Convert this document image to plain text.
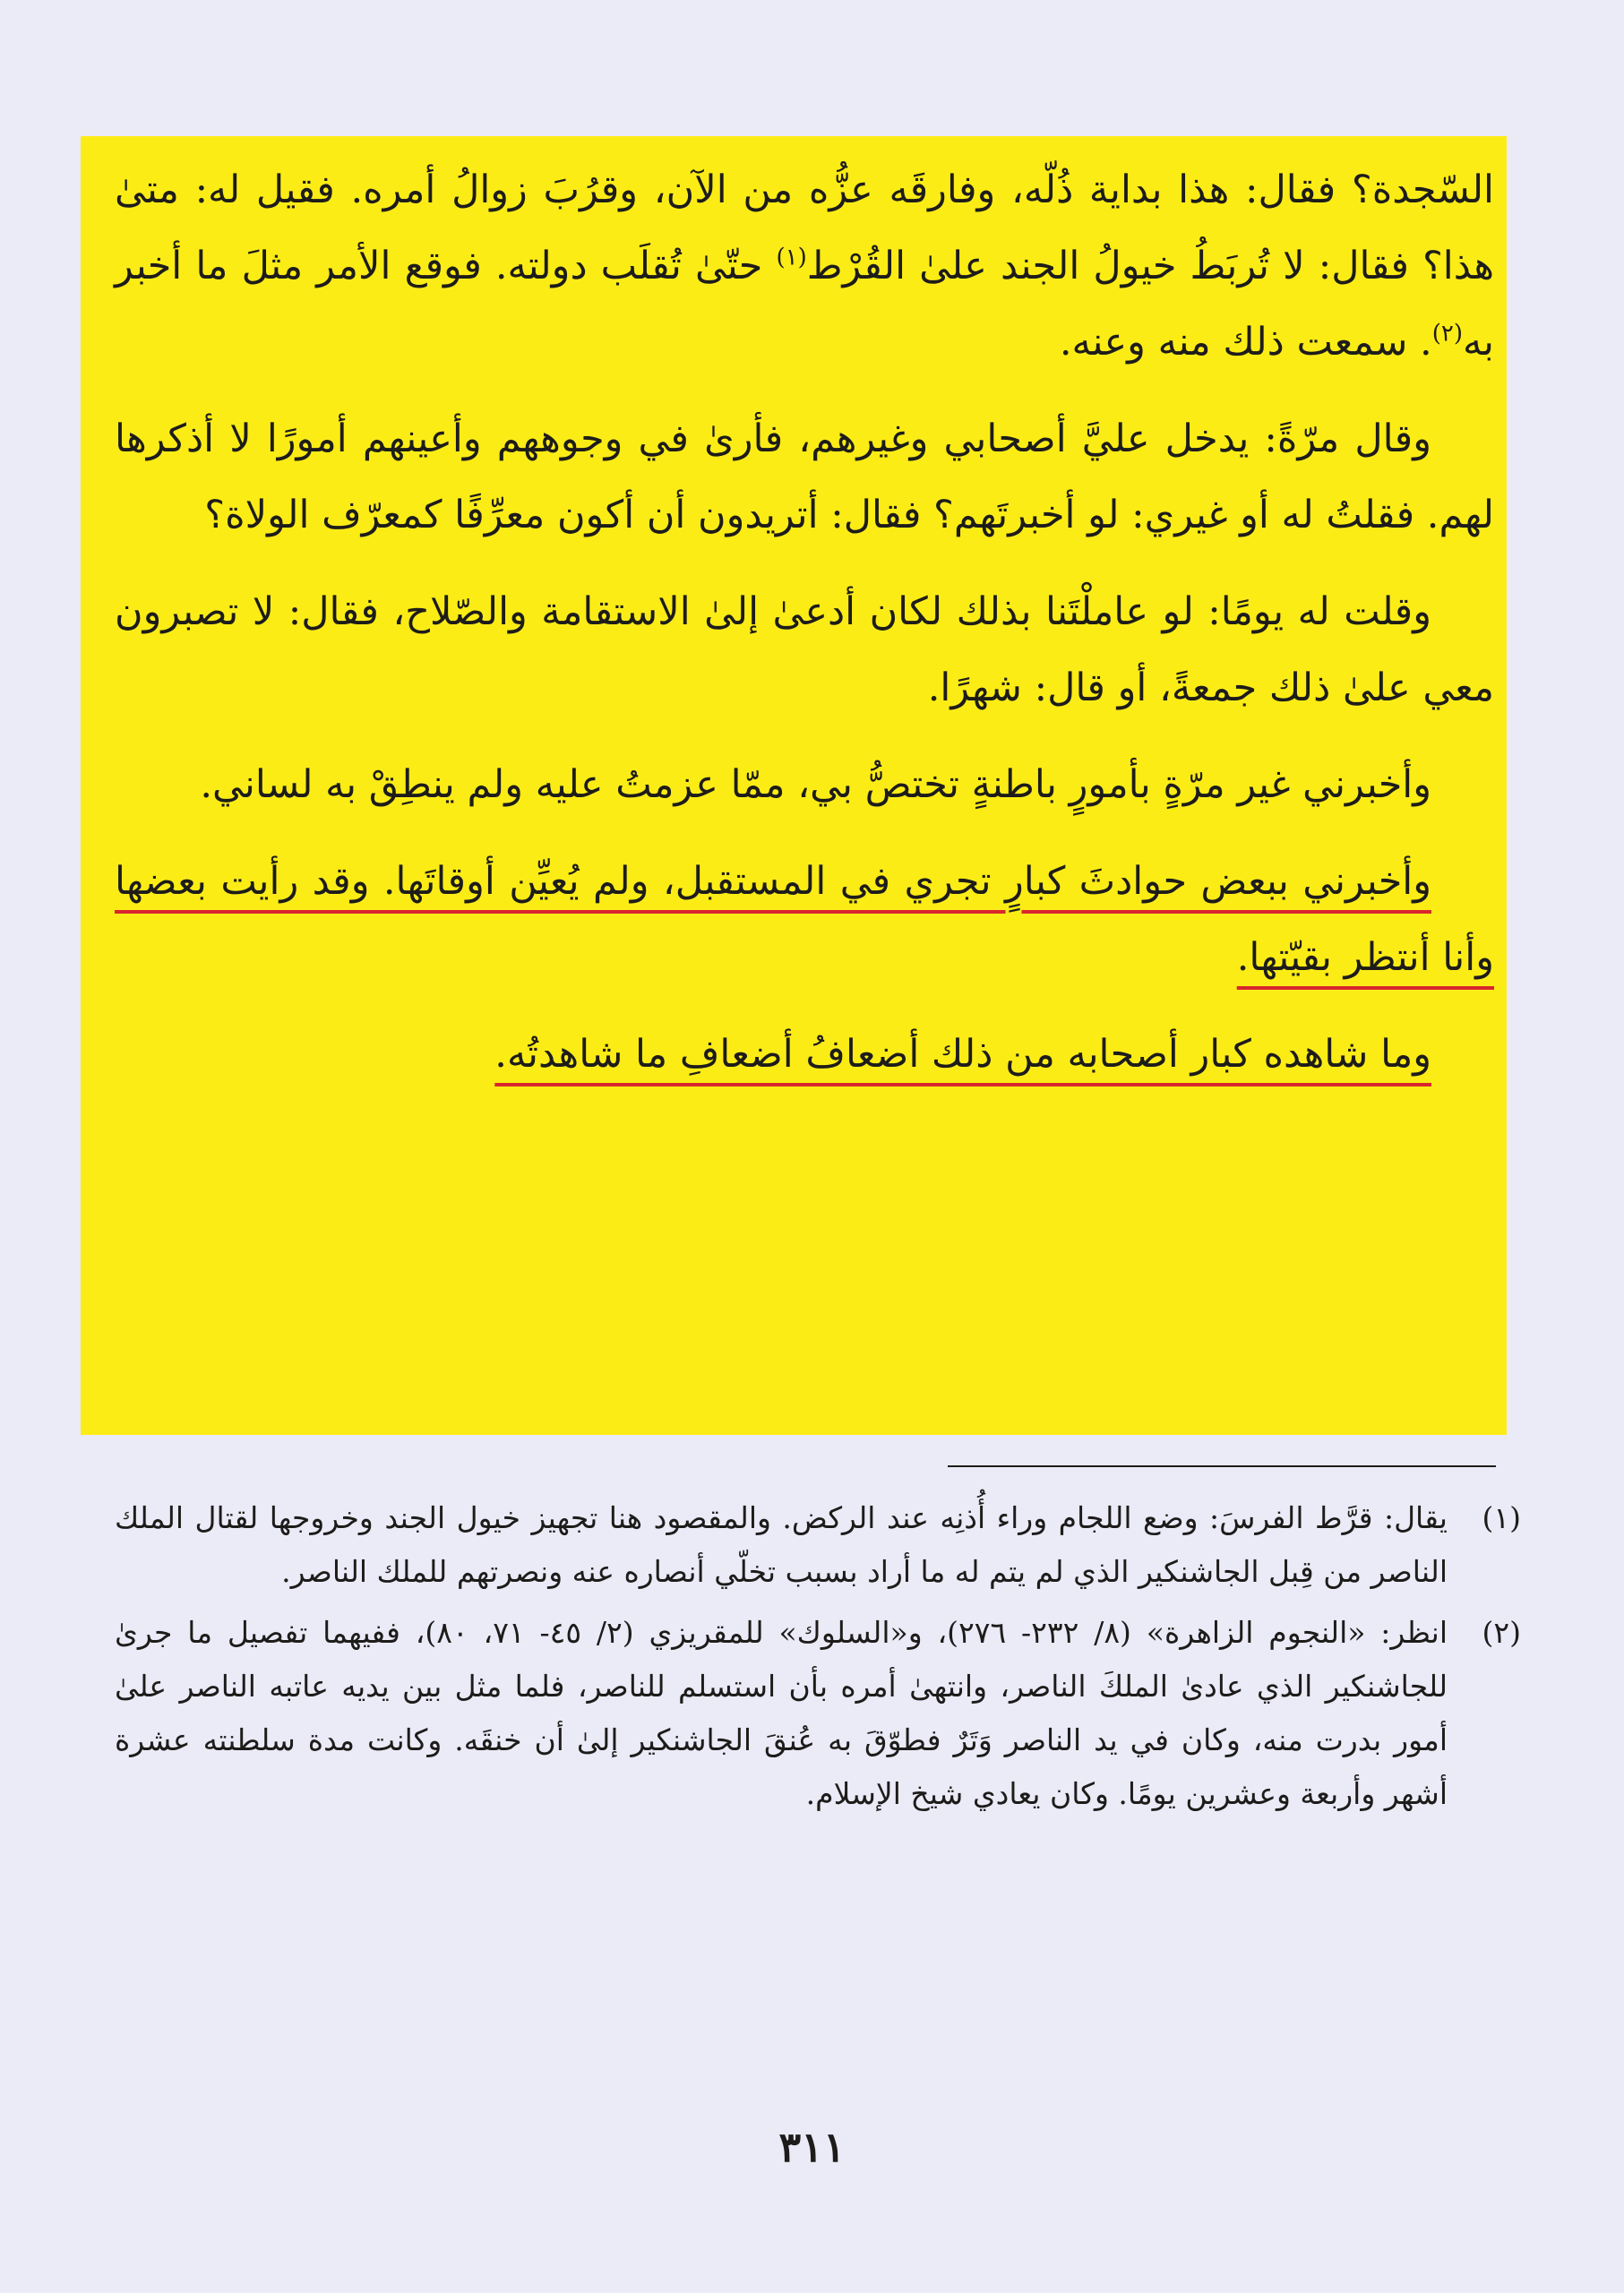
السّجدة؟ فقال: هذا بداية ذُلّه، وفارقَه عزُّه من الآن، وقرُبَ زوالُ أمره. فقيل له: متىٰ هذا؟ فقال: لا تُربَطُ خيولُ الجند علىٰ القُرْط$^{(١)}$ حتّىٰ تُقلَب دولته. فوقع الأمر مثلَ ما أخبر به$^{(٢)}$. سمعت ذلك منه وعنه.

وقال مرّةً: يدخل عليَّ أصحابي وغيرهم، فأرىٰ في وجوههم وأعينهم أمورًا لا أذكرها لهم. فقلتُ له أو غيري: لو أخبرتَهم؟ فقال: أتريدون أن أكون معرِّفًا كمعرّف الولاة؟

وقلت له يومًا: لو عاملْتَنا بذلك لكان أدعىٰ إلىٰ الاستقامة والصّلاح، فقال: لا تصبرون معي علىٰ ذلك جمعةً، أو قال: شهرًا.

وأخبرني غير مرّةٍ بأمورٍ باطنةٍ تختصُّ بي، ممّا عزمتُ عليه ولم ينطِقْ به لساني.

وأخبرني ببعض حوادثَ كبارٍ تجري في المستقبل، ولم يُعيِّن أوقاتَها. وقد رأيت بعضها وأنا أنتظر بقيّتها.

وما شاهده كبار أصحابه من ذلك أضعافُ أضعافِ ما شاهدتُه.

(١)
يقال: قرَّط الفرسَ: وضع اللجام وراء أُذنِه عند الركض. والمقصود هنا تجهيز خيول الجند وخروجها لقتال الملك الناصر من قِبل الجاشنكير الذي لم يتم له ما أراد بسبب تخلّي أنصاره عنه ونصرتهم للملك الناصر.
(٢)
انظر: «النجوم الزاهرة» (٨/ ٢٣٢- ٢٧٦)، و«السلوك» للمقريزي (٢/ ٤٥- ٧١، ٨٠)، ففيهما تفصيل ما جرىٰ للجاشنكير الذي عادىٰ الملكَ الناصر، وانتهىٰ أمره بأن استسلم للناصر، فلما مثل بين يديه عاتبه الناصر علىٰ أمور بدرت منه، وكان في يد الناصر وَتَرٌ فطوّقَ به عُنقَ الجاشنكير إلىٰ أن خنقَه. وكانت مدة سلطنته عشرة أشهر وأربعة وعشرين يومًا. وكان يعادي شيخ الإسلام.
٣١١
